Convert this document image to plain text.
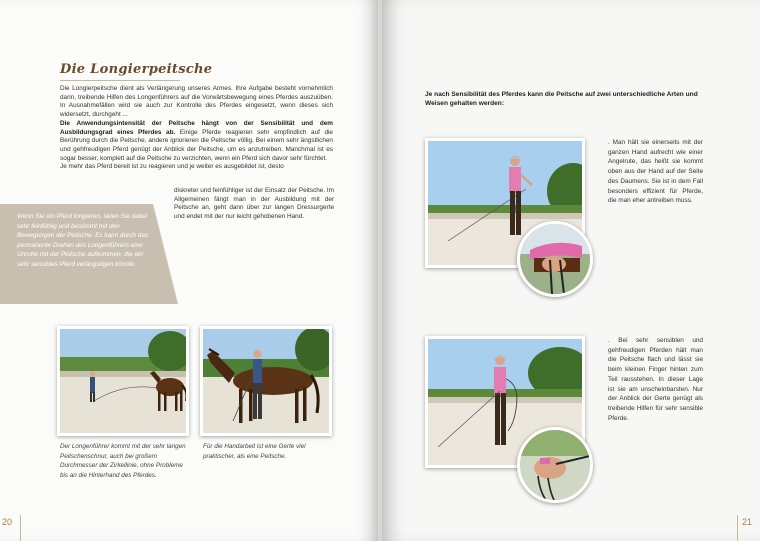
Die Longierpeitsche

Die Longierpeitsche dient als Verlängerung unseres Armes. Ihre Aufgabe besteht vornehmlich darin, treibende Hilfen des Longenführers auf die Vorwärtsbewegung eines Pferdes auszuüben. In Ausnahmefällen wird sie auch zur Kontrolle des Pferdes eingesetzt, wenn dieses sich widersetzt, durchgeht ...

Die Anwendungsintensität der Peitsche hängt von der Sensibilität und dem Ausbildungsgrad eines Pferdes ab. Einige Pferde reagieren sehr empfindlich auf die Berührung durch die Peitsche, andere ignorieren die Peitsche völlig. Bei einem sehr ängstlichen und gehfreudigen Pferd genügt der Anblick der Peitsche, um es anzutreiben. Manchmal ist es sogar besser, komplett auf die Peitsche zu verzichten, wenn ein Pferd sich davor sehr fürchtet.

Je mehr das Pferd bereit ist zu reagieren und je weiter es ausgebildet ist, desto

diskreter und feinfühliger ist der Einsatz der Peitsche. Im Allgemeinen fängt man in der Ausbildung mit der Peitsche an, geht dann über zur langen Dressurgerte und endet mit der nur leicht gehobenen Hand.

Wenn Sie ein Pferd longieren, seien Sie dabei sehr feinfühlig und bestimmt mit den Bewegungen der Peitsche. Es kann durch das permanente Drehen des Longenführers eine Unruhe mit der Peitsche aufkommen, die ein sehr sensibles Pferd verängstigen könnte.
Der Longenführer kommt mit der sehr langen Peitschenschnur, auch bei großem Durchmesser der Zirkellinie, ohne Probleme bis an die Hinterhand des Pferdes.
Für die Handarbeit ist eine Gerte viel praktischer, als eine Peitsche.
20
Je nach Sensibilität des Pferdes kann die Peitsche auf zwei unterschiedliche Arten und Weisen gehalten werden:
. Man hält sie einerseits mit der ganzen Hand aufrecht wie einer Angelrute, das heißt sie kommt oben aus der Hand auf der Seite des Daumens. Sie ist in dem Fall besonders effizient für Pferde, die man eher antreiben muss.
. Bei sehr sensiblen und gehfreudigen Pferden hält man die Peitsche flach und lässt sie beim kleinen Finger hinten zum Teil rausstehen. In dieser Lage ist sie am unscheinbarsten. Nur der Anblick der Gerte genügt als treibende Hilfen für sehr sensible Pferde.
21
